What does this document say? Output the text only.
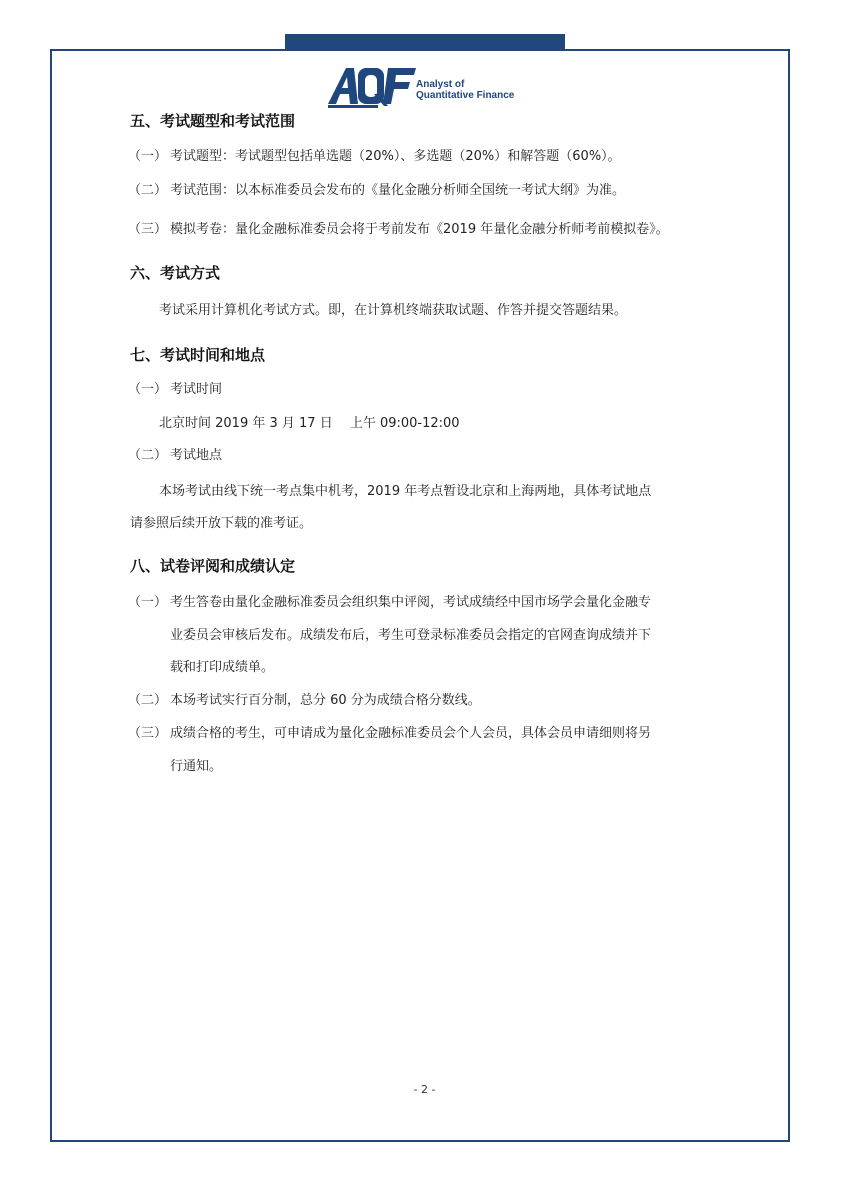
Analyst of
Quantitative Finance
五、考试题型和考试范围
（一） 考试题型：考试题型包括单选题（20%）、多选题（20%）和解答题（60%）。
（二） 考试范围：以本标准委员会发布的《量化金融分析师全国统一考试大纲》为准。
（三） 模拟考卷：量化金融标准委员会将于考前发布《2019 年量化金融分析师考前模拟卷》。
六、考试方式
考试采用计算机化考试方式。即，在计算机终端获取试题、作答并提交答题结果。
七、考试时间和地点
（一） 考试时间
北京时间 2019 年 3 月 17 日　 上午 09:00-12:00
（二） 考试地点
本场考试由线下统一考点集中机考，2019 年考点暂设北京和上海两地，具体考试地点
请参照后续开放下载的准考证。
八、试卷评阅和成绩认定
（一） 考生答卷由量化金融标准委员会组织集中评阅，考试成绩经中国市场学会量化金融专
业委员会审核后发布。成绩发布后，考生可登录标准委员会指定的官网查询成绩并下
载和打印成绩单。
（二） 本场考试实行百分制，总分 60 分为成绩合格分数线。
（三） 成绩合格的考生，可申请成为量化金融标准委员会个人会员，具体会员申请细则将另
行通知。
- 2 -
